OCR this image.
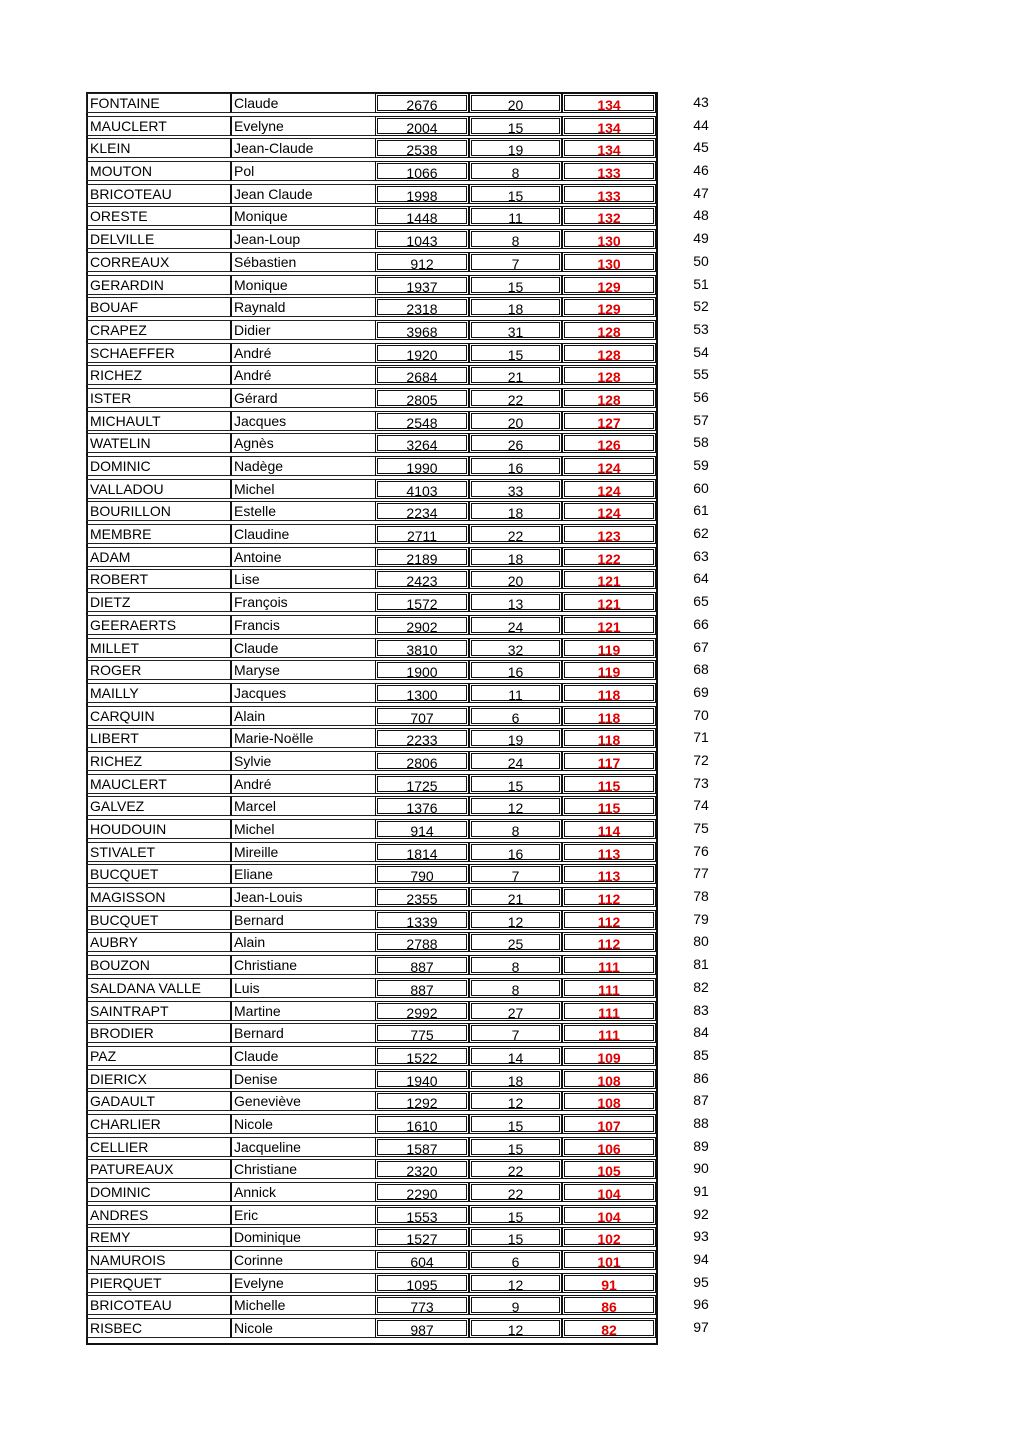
FONTAINE	Claude	2676	20	134	43
MAUCLERT	Evelyne	2004	15	134	44
KLEIN	Jean-Claude	2538	19	134	45
MOUTON	Pol	1066	8	133	46
BRICOTEAU	Jean Claude	1998	15	133	47
ORESTE	Monique	1448	11	132	48
DELVILLE	Jean-Loup	1043	8	130	49
CORREAUX	Sébastien	912	7	130	50
GERARDIN	Monique	1937	15	129	51
BOUAF	Raynald	2318	18	129	52
CRAPEZ	Didier	3968	31	128	53
SCHAEFFER	André	1920	15	128	54
RICHEZ	André	2684	21	128	55
ISTER	Gérard	2805	22	128	56
MICHAULT	Jacques	2548	20	127	57
WATELIN	Agnès	3264	26	126	58
DOMINIC	Nadège	1990	16	124	59
VALLADOU	Michel	4103	33	124	60
BOURILLON	Estelle	2234	18	124	61
MEMBRE	Claudine	2711	22	123	62
ADAM	Antoine	2189	18	122	63
ROBERT	Lise	2423	20	121	64
DIETZ	François	1572	13	121	65
GEERAERTS	Francis	2902	24	121	66
MILLET	Claude	3810	32	119	67
ROGER	Maryse	1900	16	119	68
MAILLY	Jacques	1300	11	118	69
CARQUIN	Alain	707	6	118	70
LIBERT	Marie-Noëlle	2233	19	118	71
RICHEZ	Sylvie	2806	24	117	72
MAUCLERT	André	1725	15	115	73
GALVEZ	Marcel	1376	12	115	74
HOUDOUIN	Michel	914	8	114	75
STIVALET	Mireille	1814	16	113	76
BUCQUET	Eliane	790	7	113	77
MAGISSON	Jean-Louis	2355	21	112	78
BUCQUET	Bernard	1339	12	112	79
AUBRY	Alain	2788	25	112	80
BOUZON	Christiane	887	8	111	81
SALDANA VALLE	Luis	887	8	111	82
SAINTRAPT	Martine	2992	27	111	83
BRODIER	Bernard	775	7	111	84
PAZ	Claude	1522	14	109	85
DIERICX	Denise	1940	18	108	86
GADAULT	Geneviève	1292	12	108	87
CHARLIER	Nicole	1610	15	107	88
CELLIER	Jacqueline	1587	15	106	89
PATUREAUX	Christiane	2320	22	105	90
DOMINIC	Annick	2290	22	104	91
ANDRES	Eric	1553	15	104	92
REMY	Dominique	1527	15	102	93
NAMUROIS	Corinne	604	6	101	94
PIERQUET	Evelyne	1095	12	91	95
BRICOTEAU	Michelle	773	9	86	96
RISBEC	Nicole	987	12	82	97
